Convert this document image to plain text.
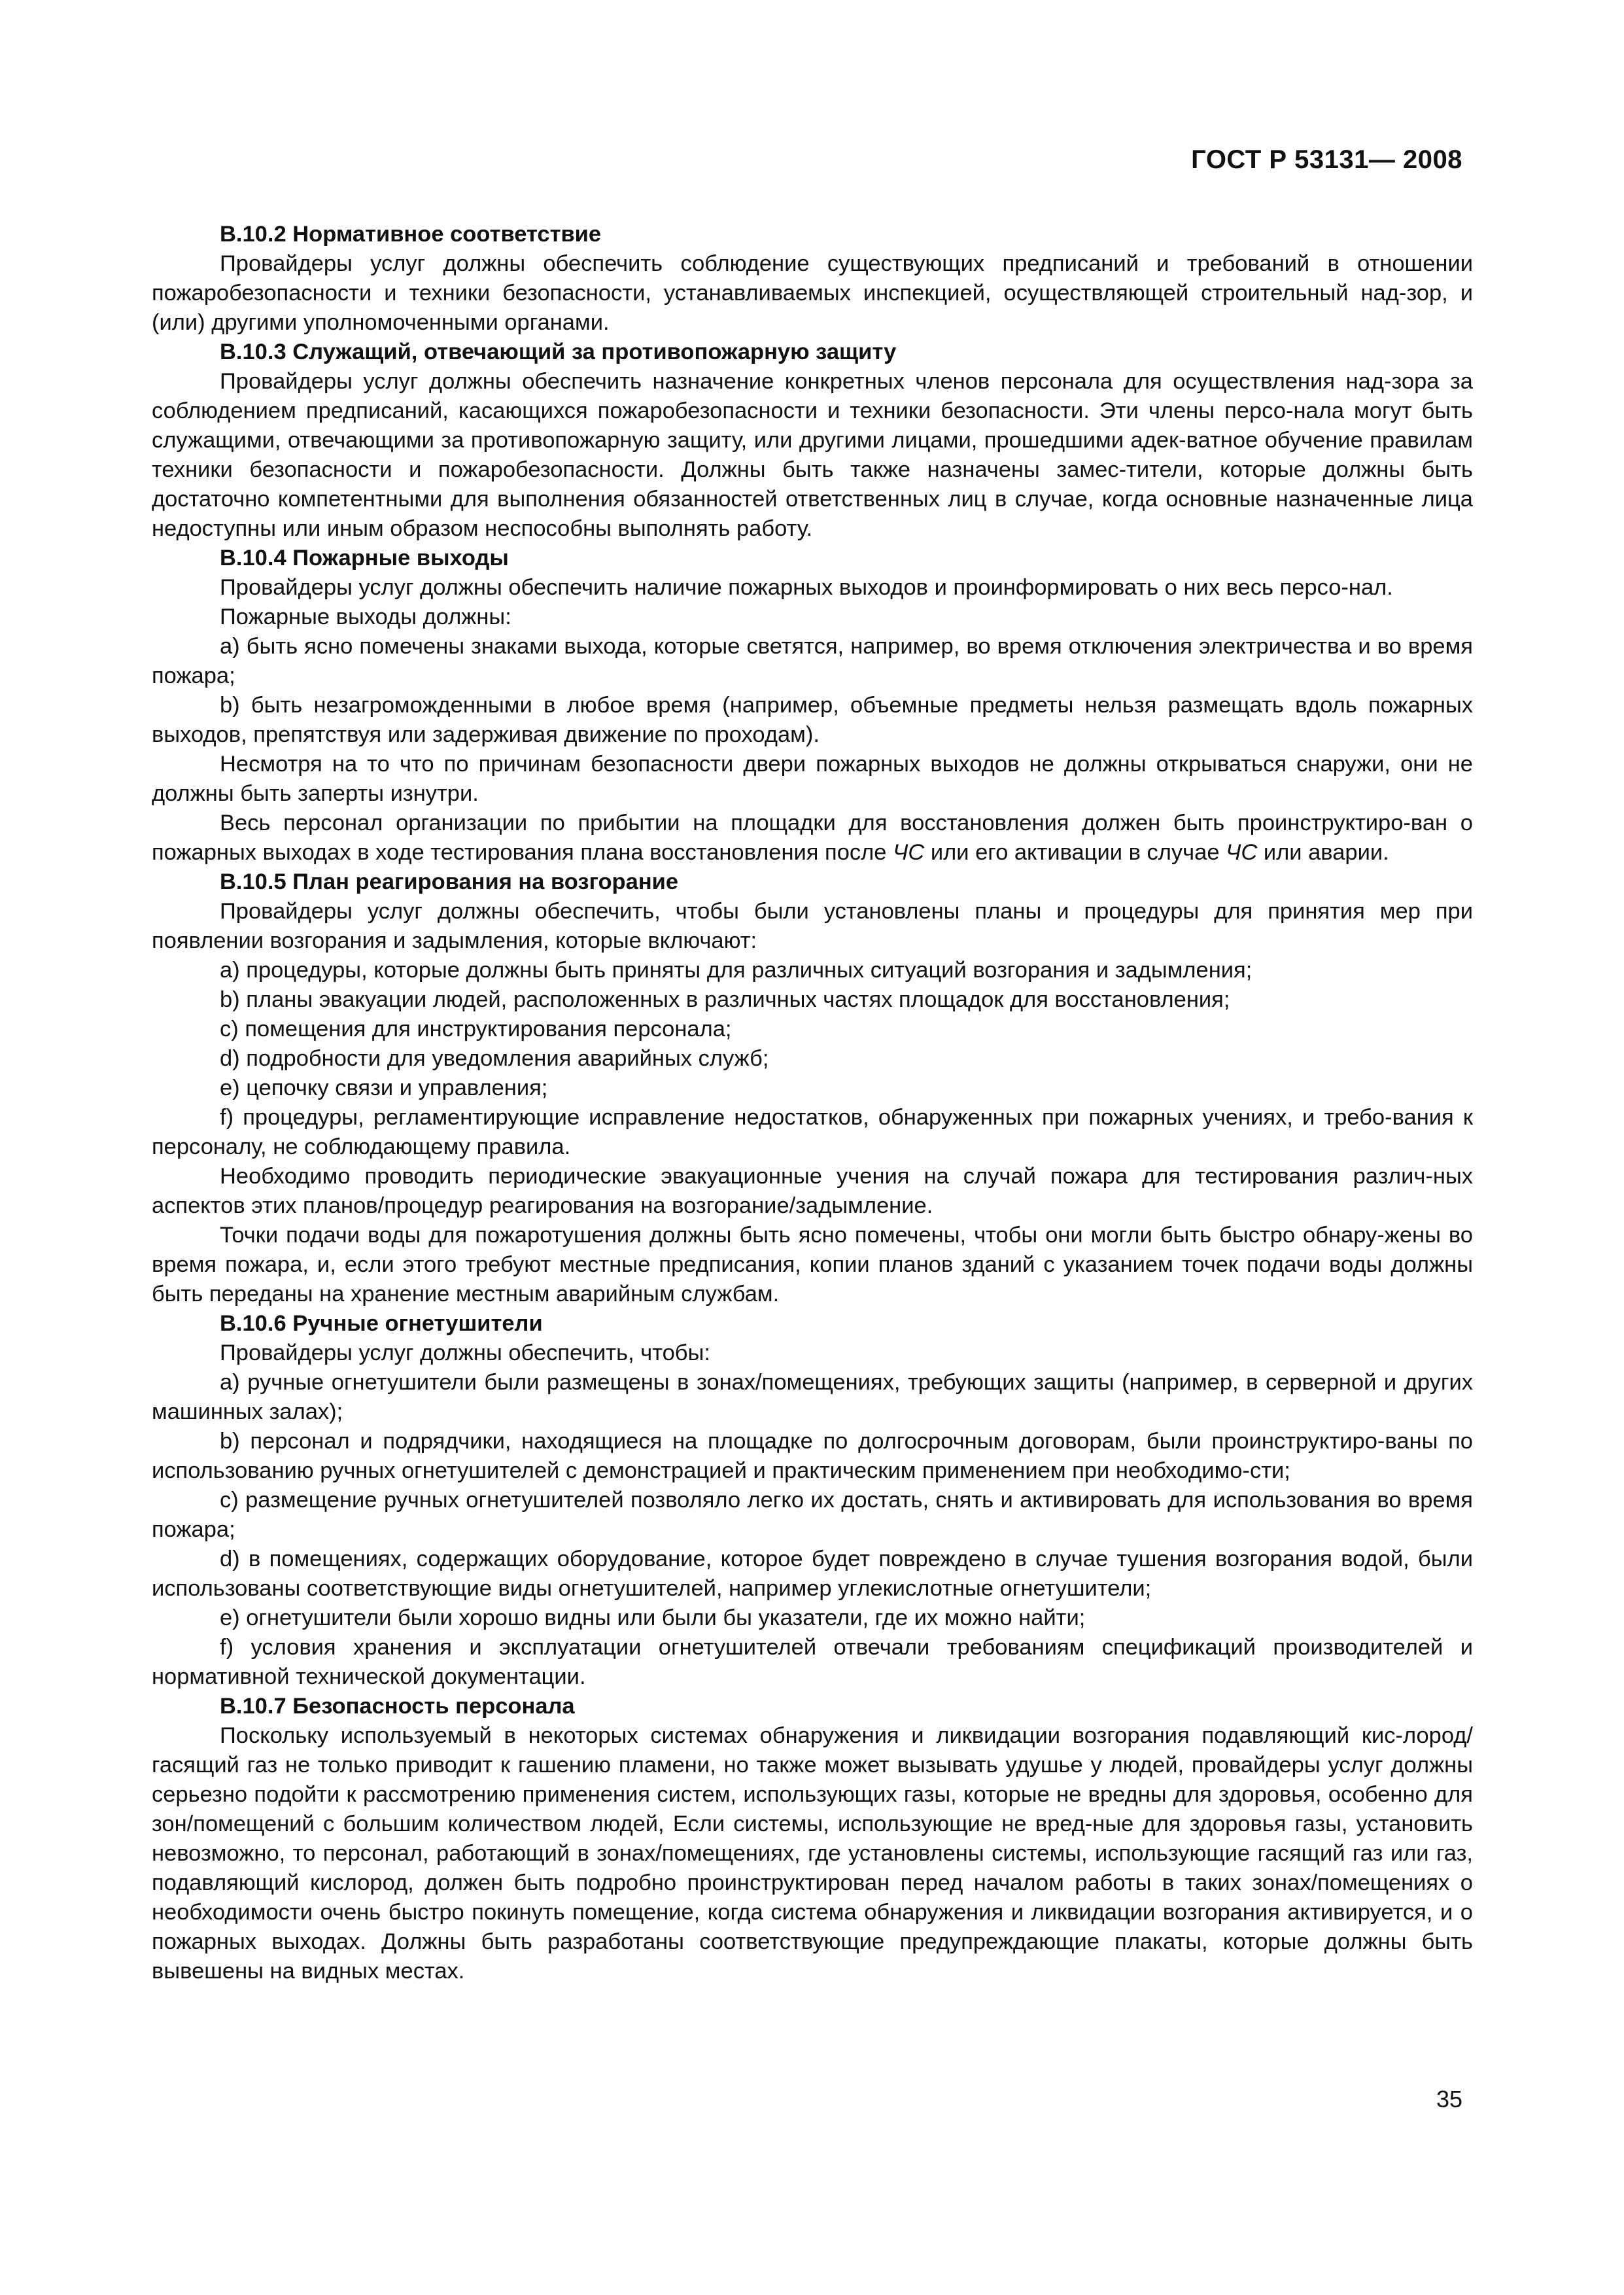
ГОСТ Р 53131— 2008

В.10.2 Нормативное соответствие

Провайдеры услуг должны обеспечить соблюдение существующих предписаний и требований в отношении пожаробезопасности и техники безопасности, устанавливаемых инспекцией, осуществляющей строительный над-зор, и (или) другими уполномоченными органами.

В.10.3 Служащий, отвечающий за противопожарную защиту

Провайдеры услуг должны обеспечить назначение конкретных членов персонала для осуществления над-зора за соблюдением предписаний, касающихся пожаробезопасности и техники безопасности. Эти члены персо-нала могут быть служащими, отвечающими за противопожарную защиту, или другими лицами, прошедшими адек-ватное обучение правилам техники безопасности и пожаробезопасности. Должны быть также назначены замес-тители, которые должны быть достаточно компетентными для выполнения обязанностей ответственных лиц в случае, когда основные назначенные лица недоступны или иным образом неспособны выполнять работу.

В.10.4 Пожарные выходы

Провайдеры услуг должны обеспечить наличие пожарных выходов и проинформировать о них весь персо-нал.

Пожарные выходы должны:

а) быть ясно помечены знаками выхода, которые светятся, например, во время отключения электричества и во время пожара;

b) быть незагроможденными в любое время (например, объемные предметы нельзя размещать вдоль пожарных выходов, препятствуя или задерживая движение по проходам).

Несмотря на то что по причинам безопасности двери пожарных выходов не должны открываться снаружи, они не должны быть заперты изнутри.

Весь персонал организации по прибытии на площадки для восстановления должен быть проинструктиро-ван о пожарных выходах в ходе тестирования плана восстановления после ЧС или его активации в случае ЧС или аварии.

В.10.5 План реагирования на возгорание

Провайдеры услуг должны обеспечить, чтобы были установлены планы и процедуры для принятия мер при появлении возгорания и задымления, которые включают:

а) процедуры, которые должны быть приняты для различных ситуаций возгорания и задымления;

b) планы эвакуации людей, расположенных в различных частях площадок для восстановления;

с) помещения для инструктирования персонала;

d) подробности для уведомления аварийных служб;

е) цепочку связи и управления;

f) процедуры, регламентирующие исправление недостатков, обнаруженных при пожарных учениях, и требо-вания к персоналу, не соблюдающему правила.

Необходимо проводить периодические эвакуационные учения на случай пожара для тестирования различ-ных аспектов этих планов/процедур реагирования на возгорание/задымление.

Точки подачи воды для пожаротушения должны быть ясно помечены, чтобы они могли быть быстро обнару-жены во время пожара, и, если этого требуют местные предписания, копии планов зданий с указанием точек подачи воды должны быть переданы на хранение местным аварийным службам.

В.10.6 Ручные огнетушители

Провайдеры услуг должны обеспечить, чтобы:

а) ручные огнетушители были размещены в зонах/помещениях, требующих защиты (например, в серверной и других машинных залах);

b) персонал и подрядчики, находящиеся на площадке по долгосрочным договорам, были проинструктиро-ваны по использованию ручных огнетушителей с демонстрацией и практическим применением при необходимо-сти;

с) размещение ручных огнетушителей позволяло легко их достать, снять и активировать для использования во время пожара;

d) в помещениях, содержащих оборудование, которое будет повреждено в случае тушения возгорания водой, были использованы соответствующие виды огнетушителей, например углекислотные огнетушители;

е) огнетушители были хорошо видны или были бы указатели, где их можно найти;

f) условия хранения и эксплуатации огнетушителей отвечали требованиям спецификаций производителей и нормативной технической документации.

В.10.7 Безопасность персонала

Поскольку используемый в некоторых системах обнаружения и ликвидации возгорания подавляющий кис-лород/гасящий газ не только приводит к гашению пламени, но также может вызывать удушье у людей, провайдеры услуг должны серьезно подойти к рассмотрению применения систем, использующих газы, которые не вредны для здоровья, особенно для зон/помещений с большим количеством людей, Если системы, использующие не вред-ные для здоровья газы, установить невозможно, то персонал, работающий в зонах/помещениях, где установлены системы, использующие гасящий газ или газ, подавляющий кислород, должен быть подробно проинструктирован перед началом работы в таких зонах/помещениях о необходимости очень быстро покинуть помещение, когда система обнаружения и ликвидации возгорания активируется, и о пожарных выходах. Должны быть разработаны соответствующие предупреждающие плакаты, которые должны быть вывешены на видных местах.

35
